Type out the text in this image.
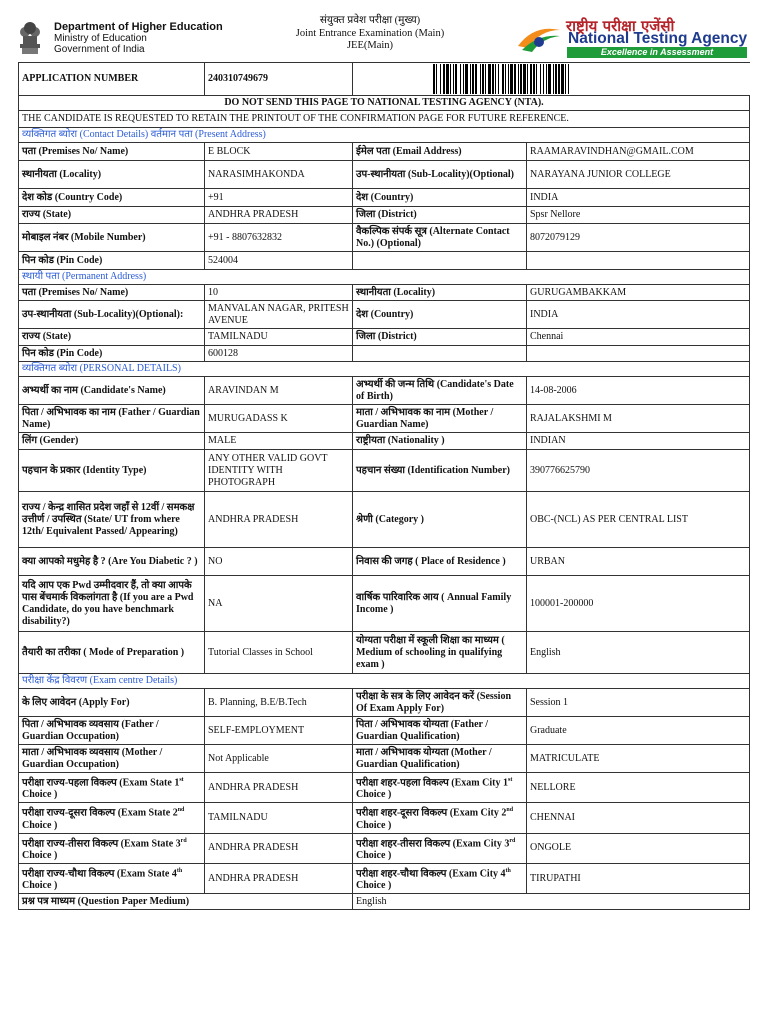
Department of Higher Education
Ministry of Education
Government of India
संयुक्त प्रवेश परीक्षा (मुख्य)
Joint Entrance Examination (Main)
JEE(Main)
राष्ट्रीय परीक्षा एजेंसी
National Testing Agency
Excellence in Assessment
APPLICATION NUMBER	240310749679		

DO NOT SEND THIS PAGE TO NATIONAL TESTING AGENCY (NTA).			
THE CANDIDATE IS REQUESTED TO RETAIN THE PRINTOUT OF THE CONFIRMATION PAGE FOR FUTURE REFERENCE.			
व्यक्तिगत ब्योरा (Contact Details) वर्तमान पता (Present Address)			
पता (Premises No/ Name)	E BLOCK	ईमेल पता (Email Address)	RAAMARAVINDHAN@GMAIL.COM
स्थानीयता (Locality)	NARASIMHAKONDA	उप-स्थानीयता (Sub-Locality)(Optional)	NARAYANA JUNIOR COLLEGE
देश कोड (Country Code)	+91	देश (Country)	INDIA
राज्य (State)	ANDHRA PRADESH	जिला (District)	Spsr Nellore
मोबाइल नंबर (Mobile Number)	+91 - 8807632832	वैकल्पिक संपर्क सूत्र (Alternate Contact No.) (Optional)	8072079129
पिन कोड (Pin Code)	524004		
स्थायी पता (Permanent Address)			
पता (Premises No/ Name)	10	स्थानीयता (Locality)	GURUGAMBAKKAM
उप-स्थानीयता (Sub-Locality)(Optional):	MANVALAN NAGAR, PRITESH AVENUE	देश (Country)	INDIA
राज्य (State)	TAMILNADU	जिला (District)	Chennai
पिन कोड (Pin Code)	600128		
व्यक्तिगत ब्योरा (PERSONAL DETAILS)			
अभ्यर्थी का नाम (Candidate's Name)	ARAVINDAN M	अभ्यर्थी की जन्म तिथि (Candidate's Date of Birth)	14-08-2006
पिता / अभिभावक का नाम (Father / Guardian Name)	MURUGADASS K	माता / अभिभावक का नाम (Mother / Guardian Name)	RAJALAKSHMI M
लिंग (Gender)	MALE	राष्ट्रीयता (Nationality )	INDIAN
पहचान के प्रकार (Identity Type)	ANY OTHER VALID GOVT IDENTITY WITH PHOTOGRAPH	पहचान संख्या (Identification Number)	390776625790
राज्य / केन्द्र शासित प्रदेश जहाँ से 12वीं / समकक्ष उत्तीर्ण / उपस्थित (State/ UT from where 12th/ Equivalent Passed/ Appearing)	ANDHRA PRADESH	श्रेणी (Category )	OBC-(NCL) AS PER CENTRAL LIST
क्या आपको मधुमेह है ? (Are You Diabetic ? )	NO	निवास की जगह ( Place of Residence )	URBAN
यदि आप एक Pwd उम्मीदवार हैं, तो क्या आपके पास बेंचमार्क विकलांगता है (If you are a Pwd Candidate, do you have benchmark disability?)	NA	वार्षिक पारिवारिक आय ( Annual Family Income )	100001-200000
तैयारी का तरीका ( Mode of Preparation )	Tutorial Classes in School	योग्यता परीक्षा में स्कूली शिक्षा का माध्यम ( Medium of schooling in qualifying exam )	English
परीक्षा केंद्र विवरण (Exam centre Details)			
के लिए आवेदन (Apply For)	B. Planning, B.E/B.Tech	परीक्षा के सत्र के लिए आवेदन करें (Session Of Exam Apply For)	Session 1
पिता / अभिभावक व्यवसाय (Father / Guardian Occupation)	SELF-EMPLOYMENT	पिता / अभिभावक योग्यता (Father / Guardian Qualification)	Graduate
माता / अभिभावक व्यवसाय (Mother / Guardian Occupation)	Not Applicable	माता / अभिभावक योग्यता (Mother / Guardian Qualification)	MATRICULATE
परीक्षा राज्य-पहला विकल्प (Exam State 1st Choice )	ANDHRA PRADESH	परीक्षा शहर-पहला विकल्प (Exam City 1st Choice )	NELLORE
परीक्षा राज्य-दूसरा विकल्प (Exam State 2nd Choice )	TAMILNADU	परीक्षा शहर-दूसरा विकल्प (Exam City 2nd Choice )	CHENNAI
परीक्षा राज्य-तीसरा विकल्प (Exam State 3rd Choice )	ANDHRA PRADESH	परीक्षा शहर-तीसरा विकल्प (Exam City 3rd Choice )	ONGOLE
परीक्षा राज्य-चौथा विकल्प (Exam State 4th Choice )	ANDHRA PRADESH	परीक्षा शहर-चौथा विकल्प (Exam City 4th Choice )	TIRUPATHI
प्रश्न पत्र माध्यम (Question Paper Medium)		English	
